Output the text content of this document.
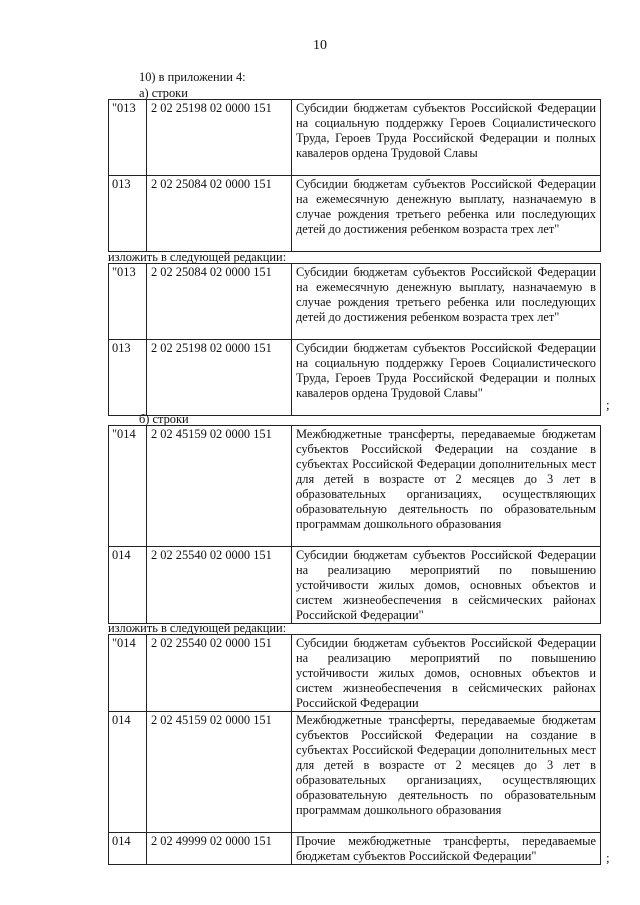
10
10) в приложении 4:
а) строки
"013	2 02 25198 02 0000 151	Субсидии бюджетам субъектов Российской Федерации на социальную поддержку Героев Социалистического Труда, Героев Труда Российской Федерации и полных кавалеров ордена Трудовой Славы
013	2 02 25084 02 0000 151	Субсидии бюджетам субъектов Российской Федерации на ежемесячную денежную выплату, назначаемую в случае рождения третьего ребенка или последующих детей до достижения ребенком возраста трех лет"
изложить в следующей редакции:
"013	2 02 25084 02 0000 151	Субсидии бюджетам субъектов Российской Федерации на ежемесячную денежную выплату, назначаемую в случае рождения третьего ребенка или последующих детей до достижения ребенком возраста трех лет"
013	2 02 25198 02 0000 151	Субсидии бюджетам субъектов Российской Федерации на социальную поддержку Героев Социалистического Труда, Героев Труда Российской Федерации и полных кавалеров ордена Трудовой Славы"
;
б) строки
"014	2 02 45159 02 0000 151	Межбюджетные трансферты, передаваемые бюджетам субъектов Российской Федерации на создание в субъектах Российской Федерации дополнительных мест для детей в возрасте от 2 месяцев до 3 лет в образовательных организациях, осуществляющих образовательную деятельность по образовательным программам дошкольного образования
014	2 02 25540 02 0000 151	Субсидии бюджетам субъектов Российской Федерации на реализацию мероприятий по повышению устойчивости жилых домов, основных объектов и систем жизнеобеспечения в сейсмических районах Российской Федерации"
изложить в следующей редакции:
"014	2 02 25540 02 0000 151	Субсидии бюджетам субъектов Российской Федерации на реализацию мероприятий по повышению устойчивости жилых домов, основных объектов и систем жизнеобеспечения в сейсмических районах Российской Федерации
014	2 02 45159 02 0000 151	Межбюджетные трансферты, передаваемые бюджетам субъектов Российской Федерации на создание в субъектах Российской Федерации дополнительных мест для детей в возрасте от 2 месяцев до 3 лет в образовательных организациях, осуществляющих образовательную деятельность по образовательным программам дошкольного образования
014	2 02 49999 02 0000 151	Прочие межбюджетные трансферты, передаваемые бюджетам субъектов Российской Федерации"	;
